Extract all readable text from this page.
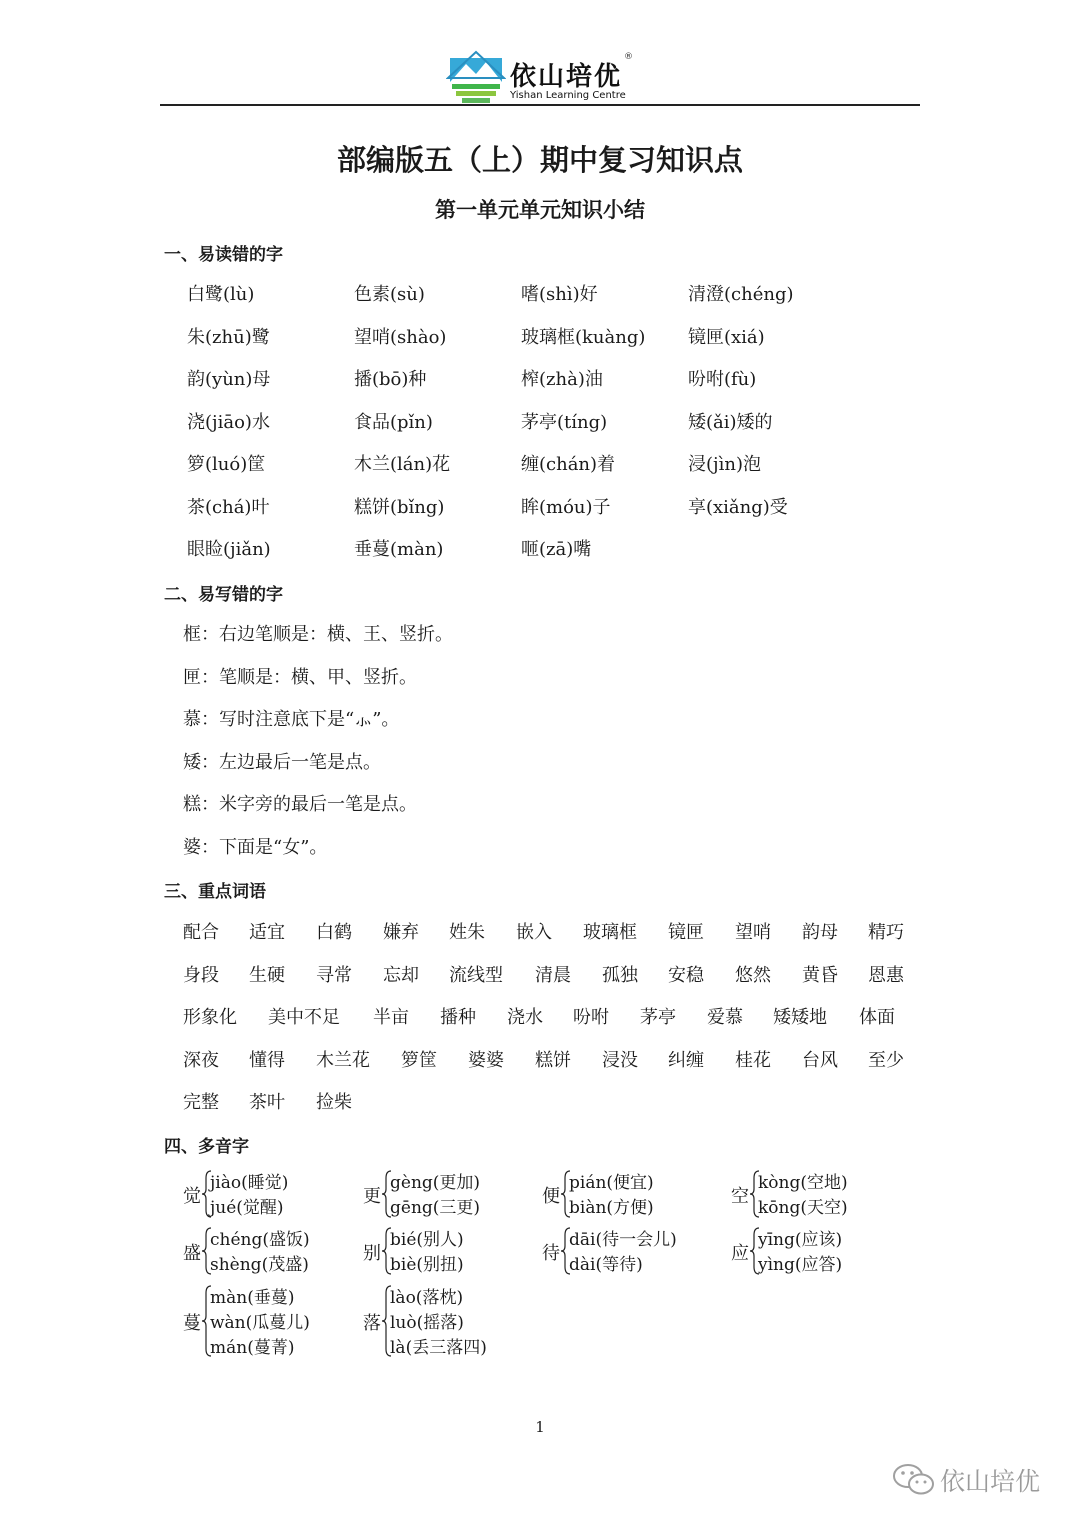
依山培优
®
Yishan Learning Centre
部编版五（上）期中复习知识点
第一单元单元知识小结
一、易读错的字
白鹭(lù)	色素(sù)	嗜(shì)好	清澄(chéng)
朱(zhū)鹭	望哨(shào)	玻璃框(kuàng) 镜匣(xiá)
韵(yùn)母	播(bō)种	榨(zhà)油	吩咐(fù)
浇(jiāo)水	食品(pǐn)	茅亭(tíng)	矮(ǎi)矮的
箩(luó)筐	木兰(lán)花	缠(chán)着	浸(jìn)泡
茶(chá)叶	糕饼(bǐng)	眸(móu)子	享(xiǎng)受
眼睑(jiǎn)	垂蔓(màn)	咂(zā)嘴
二、易写错的字
框：右边笔顺是：横、王、竖折。
匣：笔顺是：横、甲、竖折。
慕：写时注意底下是“⺗”。
矮：左边最后一笔是点。
糕：米字旁的最后一笔是点。
婆：下面是“女”。
三、重点词语
配合 适宜 白鹤 嫌弃 姓朱 嵌入 玻璃框 镜匣 望哨 韵母 精巧
身段 生硬 寻常 忘却 流线型 清晨 孤独 安稳 悠然 黄昏 恩惠
形象化 美中不足 半亩 播种 浇水 吩咐 茅亭 爱慕 矮矮地 体面
深夜 懂得 木兰花 箩筐 婆婆 糕饼 浸没 纠缠 桂花 台风 至少
完整 茶叶 捡柴
四、多音字
觉
jiào(睡觉)
jué(觉醒)
更
gèng(更加)
gēng(三更)
便
pián(便宜)
biàn(方便)
空
kòng(空地)
kōng(天空)
盛
chéng(盛饭)
shèng(茂盛)
别
bié(别人)
biè(别扭)
待
dāi(待一会儿)
dài(等待)
应
yīng(应该)
yìng(应答)
蔓
màn(垂蔓)
wàn(瓜蔓儿)
mán(蔓菁)
落
lào(落枕)
luò(摇落)
là(丢三落四)
1
依山培优
